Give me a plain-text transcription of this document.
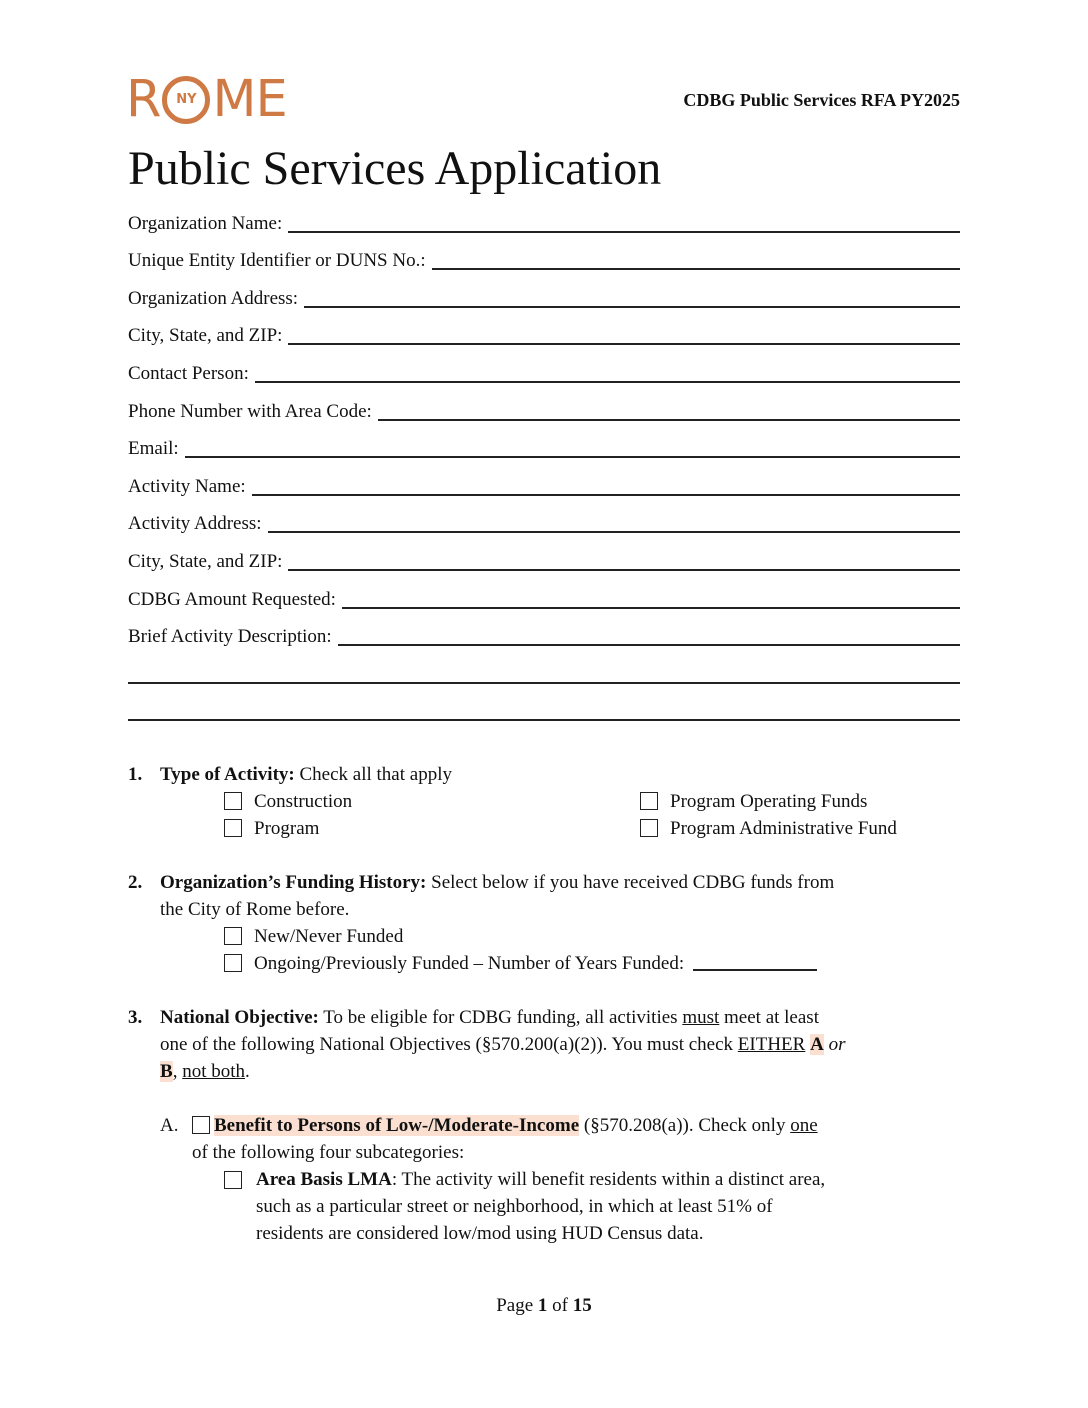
R NY ME	CDBG Public Services RFA PY2025
Public Services Application
Organization Name:
Unique Entity Identifier or DUNS No.:
Organization Address:
City, State, and ZIP:
Contact Person:
Phone Number with Area Code:
Email:
Activity Name:
Activity Address:
City, State, and ZIP:
CDBG Amount Requested:
Brief Activity Description:
1. Type of Activity: Check all that apply
Construction
Program
Program Operating Funds
Program Administrative Fund
2. Organization’s Funding History: Select below if you have received CDBG funds from
the City of Rome before.
New/Never Funded
Ongoing/Previously Funded – Number of Years Funded:
3. National Objective: To be eligible for CDBG funding, all activities must meet at least
one of the following National Objectives (§570.200(a)(2)). You must check EITHER A or
B, not both.
A.	Benefit to Persons of Low-/Moderate-Income (§570.208(a)). Check only one
of the following four subcategories:
Area Basis LMA: The activity will benefit residents within a distinct area,
such as a particular street or neighborhood, in which at least 51% of
residents are considered low/mod using HUD Census data.
Page 1 of 15
